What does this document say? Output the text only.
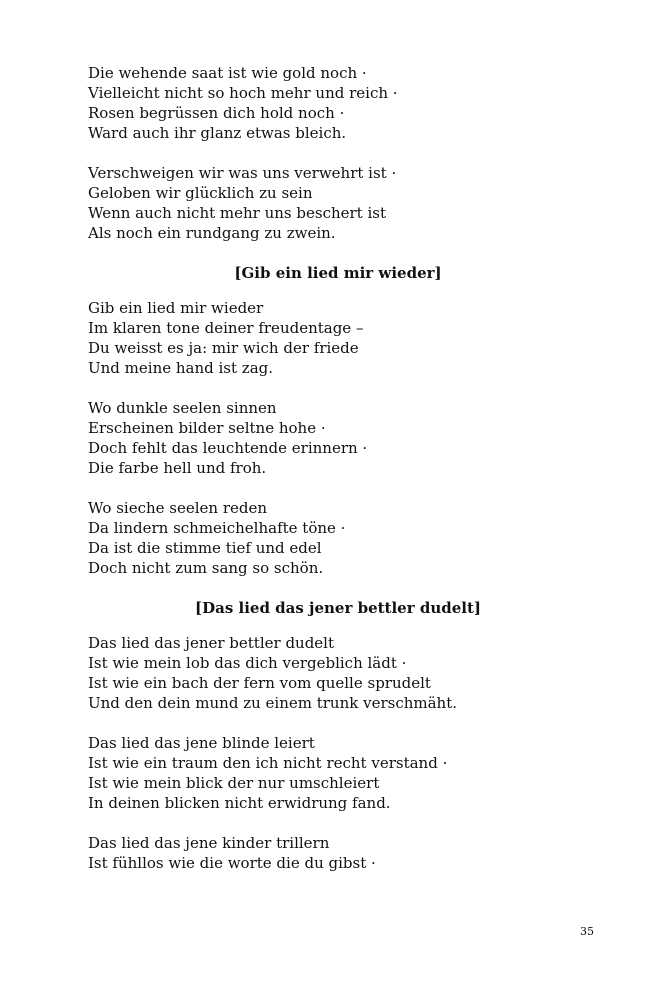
Die wehende saat ist wie gold noch ·
Vielleicht nicht so hoch mehr und reich ·
Rosen begrüssen dich hold noch ·
Ward auch ihr glanz etwas bleich.
Verschweigen wir was uns verwehrt ist ·
Geloben wir glücklich zu sein
Wenn auch nicht mehr uns beschert ist
Als noch ein rundgang zu zwein.
[Gib ein lied mir wieder]
Gib ein lied mir wieder
Im klaren tone deiner freudentage –
Du weisst es ja: mir wich der friede
Und meine hand ist zag.
Wo dunkle seelen sinnen
Erscheinen bilder seltne hohe ·
Doch fehlt das leuchtende erinnern ·
Die farbe hell und froh.
Wo sieche seelen reden
Da lindern schmeichelhafte töne ·
Da ist die stimme tief und edel
Doch nicht zum sang so schön.
[Das lied das jener bettler dudelt]
Das lied das jener bettler dudelt
Ist wie mein lob das dich vergeblich lädt ·
Ist wie ein bach der fern vom quelle sprudelt
Und den dein mund zu einem trunk verschmäht.
Das lied das jene blinde leiert
Ist wie ein traum den ich nicht recht verstand ·
Ist wie mein blick der nur umschleiert
In deinen blicken nicht erwidrung fand.
Das lied das jene kinder trillern
Ist fühllos wie die worte die du gibst ·
35
